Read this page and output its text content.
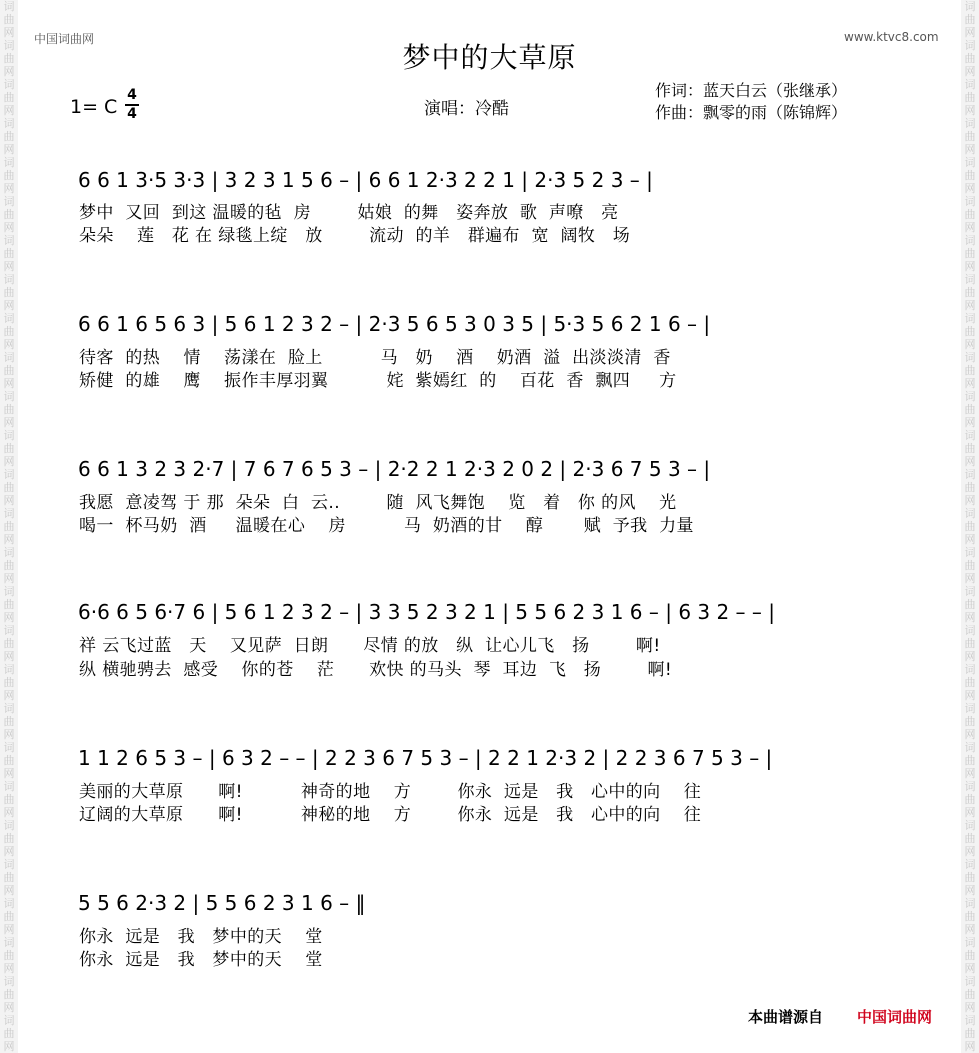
词曲网词曲网词曲网词曲网词曲网词曲网词曲网词曲网词曲网词曲网词曲网词曲网词曲网词曲网词曲网词曲网词曲网词曲网词曲网词曲网词曲网词曲网词曲网词曲网词曲网词曲网词曲网
词曲网词曲网词曲网词曲网词曲网词曲网词曲网词曲网词曲网词曲网词曲网词曲网词曲网词曲网词曲网词曲网词曲网词曲网词曲网词曲网词曲网词曲网词曲网词曲网词曲网词曲网词曲网
中国词曲网	www.ktvc8.com
梦中的大草原
1= C
4
4	演唱：冷酷
作词：蓝天白云（张继承）
作曲：飘零的雨（陈锦辉）
6 6 1 3·5 3·3 | 3 2 3 1 5 6 – | 6 6 1 2·3 2 2 1 | 2·3 5 2 3 – |
梦中  又回  到这 温暖的毡  房        姑娘  的舞   姿奔放  歌  声嘹   亮
朵朵    莲   花 在 绿毯上绽   放        流动  的羊   群遍布  宽  阔牧   场
6 6 1 6 5 6 3 | 5 6 1 2 3 2 – | 2·3 5 6 5 3 0 3 5 | 5·3 5 6 2 1 6 – |
待客  的热    情    荡漾在  脸上          马   奶    酒    奶酒  溢  出淡淡清  香
矫健  的雄    鹰    振作丰厚羽翼          姹  紫嫣红  的    百花  香  飘四     方
6 6 1 3 2 3 2·7 | 7 6 7 6 5 3 – | 2·2 2 1 2·3 2 0 2 | 2·3 6 7 5 3 – |
我愿  意凌驾 于 那  朵朵  白  云..        随  风飞舞饱    览   着   你 的风    光
喝一  杯马奶  酒     温暖在心    房          马  奶酒的甘    醇       赋  予我  力量
6·6 6 5 6·7 6 | 5 6 1 2 3 2 – | 3 3 5 2 3 2 1 | 5 5 6 2 3 1 6 – | 6 3 2 – – |
祥 云飞过蓝   天    又见萨  日朗      尽情 的放   纵  让心儿飞   扬        啊!
纵 横驰骋去  感受    你的苍    茫      欢快 的马头  琴  耳边  飞   扬        啊!
1 1 2 6 5 3 – | 6 3 2 – – | 2 2 3 6 7 5 3 – | 2 2 1 2·3 2 | 2 2 3 6 7 5 3 – |
美丽的大草原      啊!          神奇的地    方        你永  远是   我   心中的向    往
辽阔的大草原      啊!          神秘的地    方        你永  远是   我   心中的向    往
5 5 6 2·3 2 | 5 5 6 2 3 1 6 – ‖
你永  远是   我   梦中的天    堂
你永  远是   我   梦中的天    堂
本曲谱源自 中国词曲网
